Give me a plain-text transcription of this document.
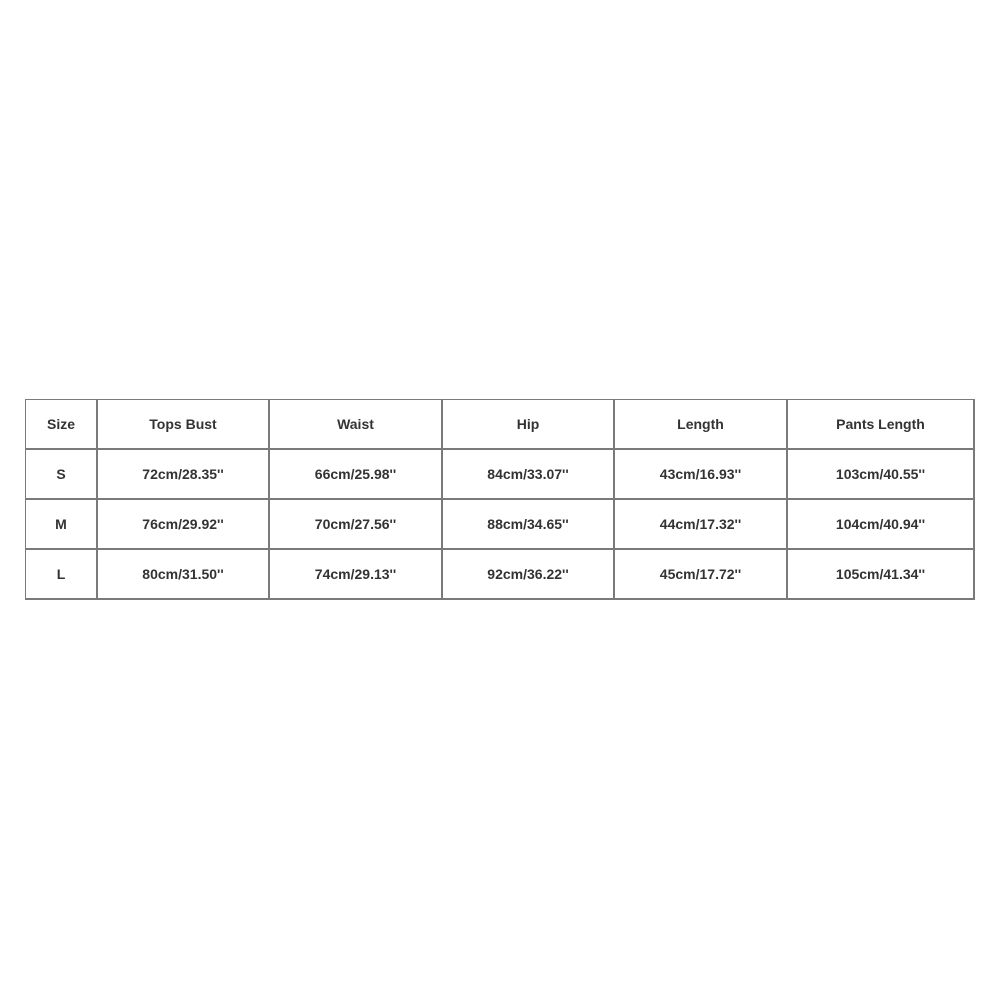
Size	Tops Bust	Waist	Hip	Length	Pants Length
S	72cm/28.35''	66cm/25.98''	84cm/33.07''	43cm/16.93''	103cm/40.55''
M	76cm/29.92''	70cm/27.56''	88cm/34.65''	44cm/17.32''	104cm/40.94''
L	80cm/31.50''	74cm/29.13''	92cm/36.22''	45cm/17.72''	105cm/41.34''
